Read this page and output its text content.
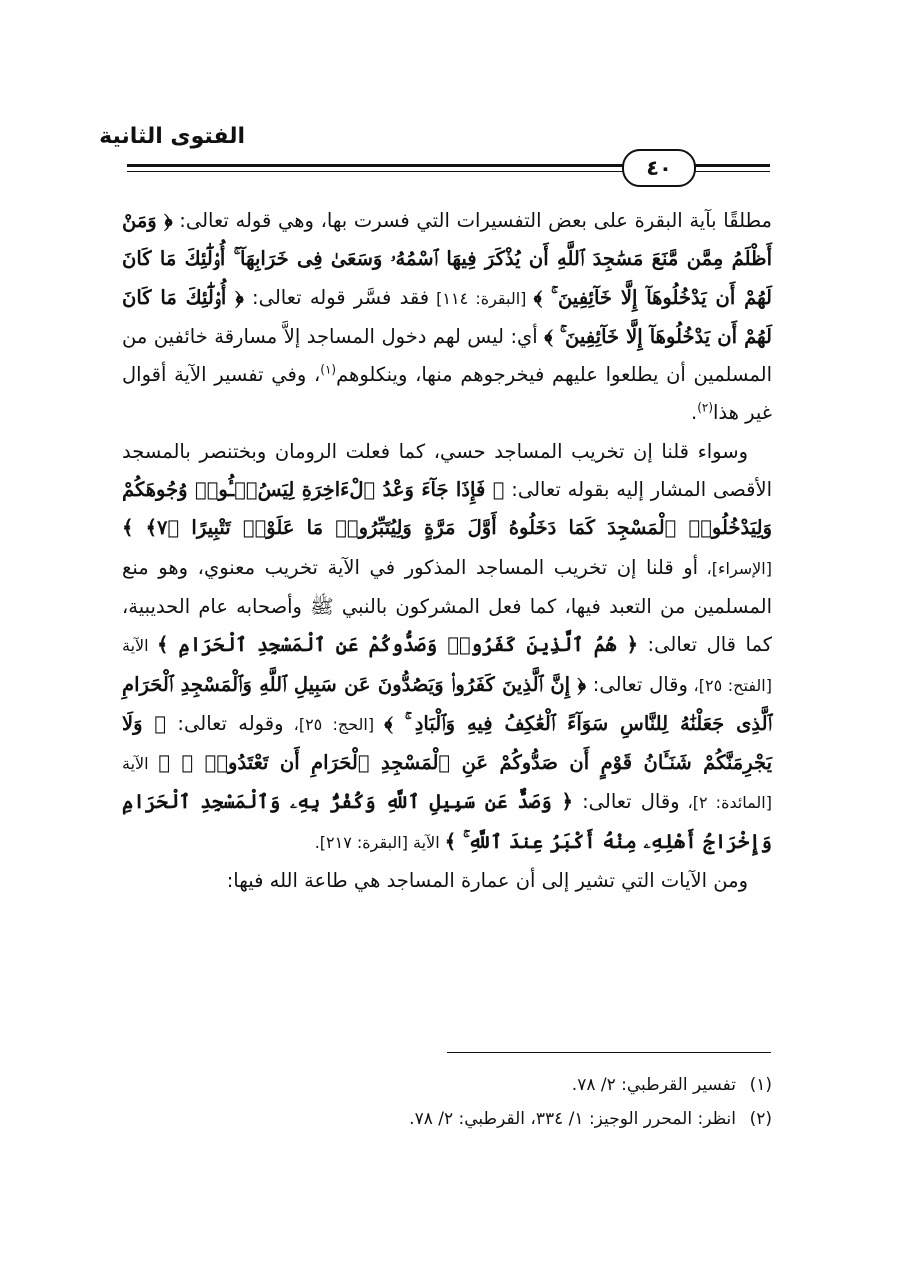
الفتوى الثانية
٤٠

مطلقًا بآية البقرة على بعض التفسيرات التي فسرت بها، وهي قوله تعالى: ﴿ وَمَنْ أَظْلَمُ مِمَّن مَّنَعَ مَسَٰجِدَ ٱللَّهِ أَن يُذْكَرَ فِيهَا ٱسْمُهُۥ وَسَعَىٰ فِى خَرَابِهَآ ۚ أُو۟لَٰٓئِكَ مَا كَانَ لَهُمْ أَن يَدْخُلُوهَآ إِلَّا خَآئِفِينَ ۚ ﴾ [البقرة: ١١٤] فقد فسَّر قوله تعالى: ﴿ أُو۟لَٰٓئِكَ مَا كَانَ لَهُمْ أَن يَدْخُلُوهَآ إِلَّا خَآئِفِينَ ۚ ﴾ أي: ليس لهم دخول المساجد إلاَّ مسارقة خائفين من المسلمين أن يطلعوا عليهم فيخرجوهم منها، وينكلوهم$^{(١)}$، وفي تفسير الآية أقوال غير هذا$^{(٢)}$.

وسواء قلنا إن تخريب المساجد حسي، كما فعلت الرومان وبختنصر بالمسجد الأقصى المشار إليه بقوله تعالى: ﴿ فَإِذَا جَآءَ وَعْدُ ٱلْءَاخِرَةِ لِيَسُۥٓـُٔوا۟ وُجُوهَكُمْ وَلِيَدْخُلُوا۟ ٱلْمَسْجِدَ كَمَا دَخَلُوهُ أَوَّلَ مَرَّةٍ وَلِيُتَبِّرُوا۟ مَا عَلَوْا۟ تَتْبِيرًا ﴿٧﴾ ﴾ [الإسراء]، أو قلنا إن تخريب المساجد المذكور في الآية تخريب معنوي، وهو منع المسلمين من التعبد فيها، كما فعل المشركون بالنبي ﷺ وأصحابه عام الحديبية، كما قال تعالى: ﴿ هُمُ ٱلَّذِينَ كَفَرُوا۟ وَصَدُّوكُمْ عَنِ ٱلْمَسْجِدِ ٱلْحَرَامِ ﴾ الآية [الفتح: ٢٥]، وقال تعالى: ﴿ إِنَّ ٱلَّذِينَ كَفَرُوا۟ وَيَصُدُّونَ عَن سَبِيلِ ٱللَّهِ وَٱلْمَسْجِدِ ٱلْحَرَامِ ٱلَّذِى جَعَلْنَٰهُ لِلنَّاسِ سَوَآءً ٱلْعَٰكِفُ فِيهِ وَٱلْبَادِ ۚ ﴾ [الحج: ٢٥]، وقوله تعالى: ﴿ وَلَا يَجْرِمَنَّكُمْ شَنَـَٔانُ قَوْمٍ أَن صَدُّوكُمْ عَنِ ٱلْمَسْجِدِ ٱلْحَرَامِ أَن تَعْتَدُوا۟ ۘ ﴾ الآية [المائدة: ٢]، وقال تعالى: ﴿ وَصَدٌّ عَن سَبِيلِ ٱللَّهِ وَكُفْرٌۢ بِهِۦ وَٱلْمَسْجِدِ ٱلْحَرَامِ وَإِخْرَاجُ أَهْلِهِۦ مِنْهُ أَكْبَرُ عِندَ ٱللَّهِ ۚ ﴾ الآية [البقرة: ٢١٧].

ومن الآيات التي تشير إلى أن عمارة المساجد هي طاعة الله فيها:

(١)تفسير القرطبي: ٢/ ٧٨.
(٢)انظر: المحرر الوجيز: ١/ ٣٣٤، القرطبي: ٢/ ٧٨.
